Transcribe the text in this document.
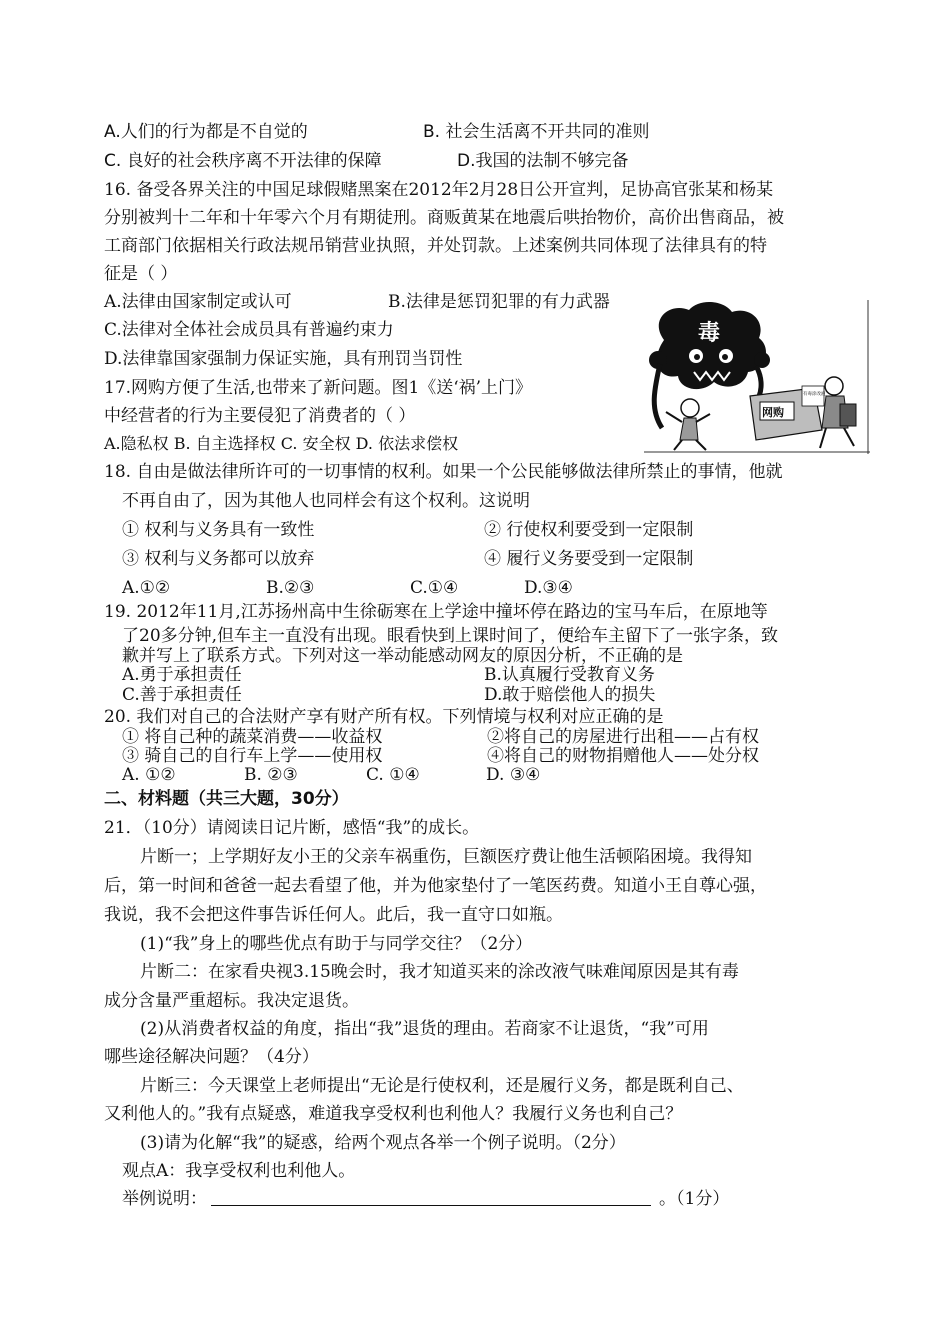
A.人们的行为都是不自觉的	B. 社会生活离不开共同的准则
C. 良好的社会秩序离不开法律的保障	D.我国的法制不够完备
16. 备受各界关注的中国足球假赌黑案在2012年2月28日公开宣判，足协高官张某和杨某
分别被判十二年和十年零六个月有期徒刑。商贩黄某在地震后哄抬物价，高价出售商品，被
工商部门依据相关行政法规吊销营业执照，并处罚款。上述案例共同体现了法律具有的特
征是（ ）
A.法律由国家制定或认可	B.法律是惩罚犯罪的有力武器
C.法律对全体社会成员具有普遍约束力
D.法律靠国家强制力保证实施，具有刑罚当罚性
17.网购方便了生活,也带来了新问题。图1《送‘祸’上门》
中经营者的行为主要侵犯了消费者的（ ）
A.隐私权 B. 自主选择权 C. 安全权 D. 依法求偿权
毒
网购
有毒涂改液
18. 自由是做法律所许可的一切事情的权利。如果一个公民能够做法律所禁止的事情，他就
不再自由了，因为其他人也同样会有这个权利。这说明
① 权利与义务具有一致性	② 行使权利要受到一定限制
③ 权利与义务都可以放弃	④ 履行义务要受到一定限制
A.①②	B.②③	C.①④	D.③④
19. 2012年11月,江苏扬州高中生徐砺寒在上学途中撞坏停在路边的宝马车后，在原地等
了20多分钟,但车主一直没有出现。眼看快到上课时间了，便给车主留下了一张字条，致
歉并写上了联系方式。下列对这一举动能感动网友的原因分析，不正确的是
A.勇于承担责任	B.认真履行受教育义务
C.善于承担责任	D.敢于赔偿他人的损失
20. 我们对自己的合法财产享有财产所有权。下列情境与权利对应正确的是
① 将自己种的蔬菜消费——收益权	②将自己的房屋进行出租——占有权
③ 骑自己的自行车上学——使用权	④将自己的财物捐赠他人——处分权
A. ①②	B. ②③	C. ①④	D. ③④
二、材料题（共三大题，30分）
21．（10分）请阅读日记片断，感悟“我”的成长。
片断一；上学期好友小王的父亲车祸重伤，巨额医疗费让他生活顿陷困境。我得知
后，第一时间和爸爸一起去看望了他，并为他家垫付了一笔医药费。知道小王自尊心强，
我说，我不会把这件事告诉任何人。此后，我一直守口如瓶。
(1)“我”身上的哪些优点有助于与同学交往？（2分）
片断二：在家看央视3.15晚会时，我才知道买来的涂改液气味难闻原因是其有毒
成分含量严重超标。我决定退货。
(2)从消费者权益的角度，指出“我”退货的理由。若商家不让退货，“我”可用
哪些途径解决问题？（4分）
片断三：今天课堂上老师提出“无论是行使权利，还是履行义务，都是既利自己、
又利他人的。”我有点疑惑，难道我享受权利也利他人？我履行义务也利自己？
(3)请为化解“我”的疑惑，给两个观点各举一个例子说明。（2分）
观点A：我享受权利也利他人。
举例说明：	。（1分）
